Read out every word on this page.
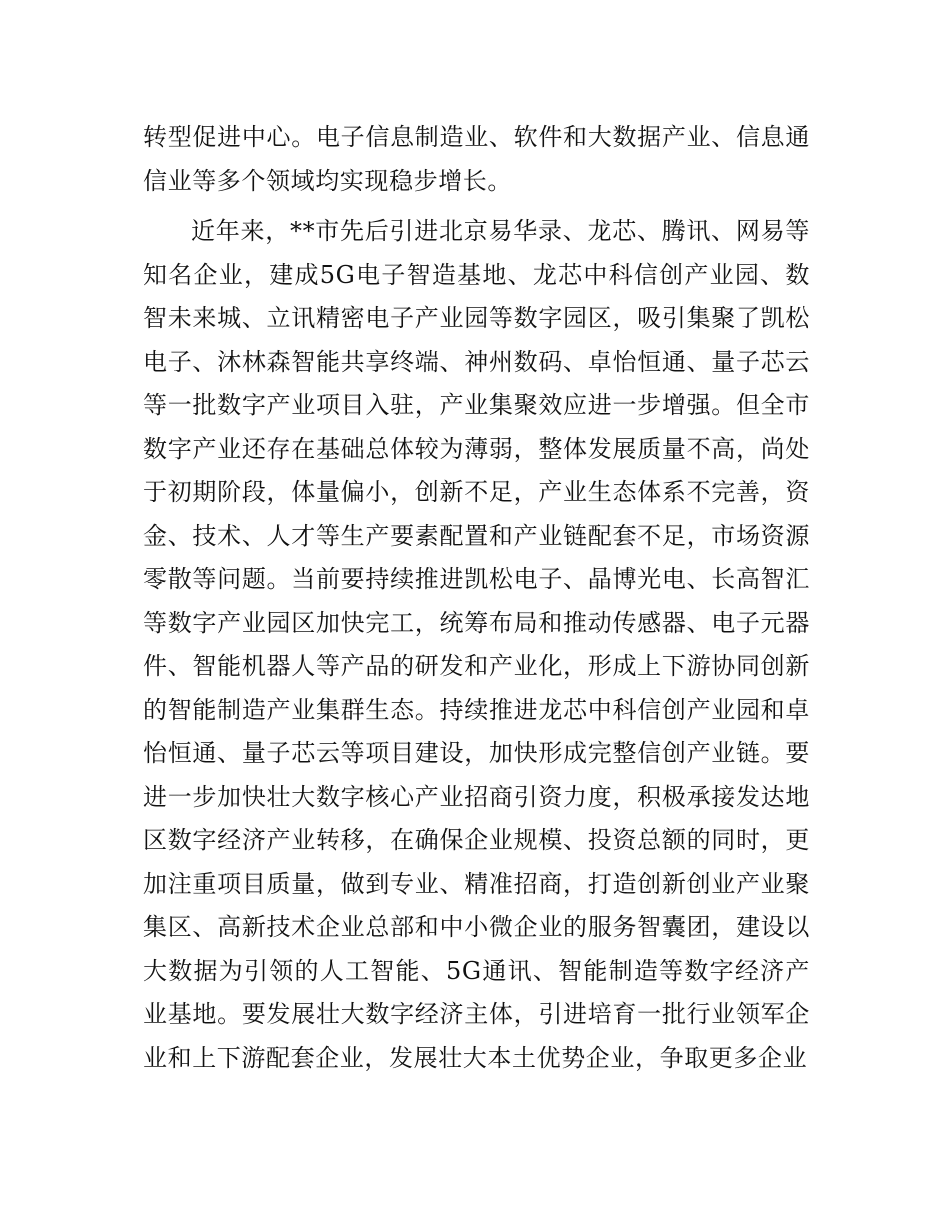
转型促进中心。电子信息制造业、软件和大数据产业、信息通信业等多个领域均实现稳步增长。

近年来，**市先后引进北京易华录、龙芯、腾讯、网易等知名企业，建成5G电子智造基地、龙芯中科信创产业园、数智未来城、立讯精密电子产业园等数字园区，吸引集聚了凯松电子、沐林森智能共享终端、神州数码、卓怡恒通、量子芯云等一批数字产业项目入驻，产业集聚效应进一步增强。但全市数字产业还存在基础总体较为薄弱，整体发展质量不高，尚处于初期阶段，体量偏小，创新不足，产业生态体系不完善，资金、技术、人才等生产要素配置和产业链配套不足，市场资源零散等问题。当前要持续推进凯松电子、晶博光电、长高智汇等数字产业园区加快完工，统筹布局和推动传感器、电子元器件、智能机器人等产品的研发和产业化，形成上下游协同创新的智能制造产业集群生态。持续推进龙芯中科信创产业园和卓怡恒通、量子芯云等项目建设，加快形成完整信创产业链。要进一步加快壮大数字核心产业招商引资力度，积极承接发达地区数字经济产业转移，在确保企业规模、投资总额的同时，更加注重项目质量，做到专业、精准招商，打造创新创业产业聚集区、高新技术企业总部和中小微企业的服务智囊团，建设以大数据为引领的人工智能、5G通讯、智能制造等数字经济产业基地。要发展壮大数字经济主体，引进培育一批行业领军企业和上下游配套企业，发展壮大本土优势企业，争取更多企业
